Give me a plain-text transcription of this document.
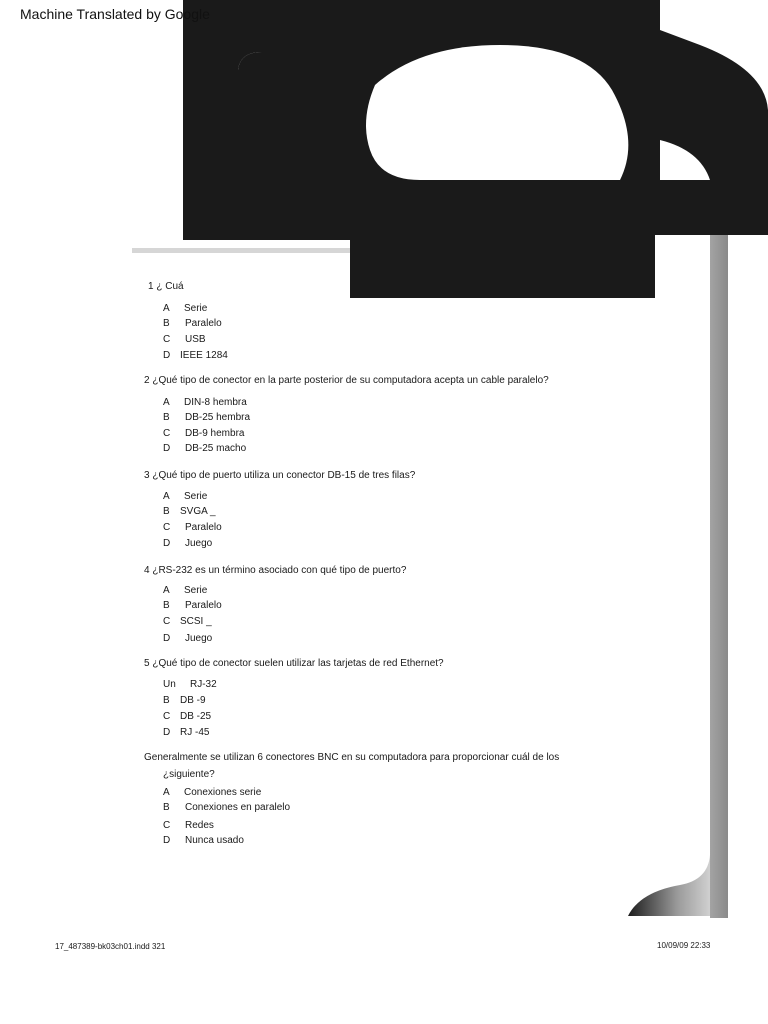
Machine Translated by Google
1 ¿ Cuá
A Serie
B Paralelo
C USB
D IEEE 1284
2 ¿Qué tipo de conector en la parte posterior de su computadora acepta un cable paralelo?
A DIN-8 hembra
B DB-25 hembra
C DB-9 hembra
D DB-25 macho
3 ¿Qué tipo de puerto utiliza un conector DB-15 de tres filas?
A Serie
B SVGA _
C Paralelo
D Juego
4 ¿RS-232 es un término asociado con qué tipo de puerto?
A Serie
B Paralelo
C SCSI _
D Juego
5 ¿Qué tipo de conector suelen utilizar las tarjetas de red Ethernet?
Un RJ-32
B DB -9
C DB -25
D RJ -45
Generalmente se utilizan 6 conectores BNC en su computadora para proporcionar cuál de los
¿siguiente?
A Conexiones serie
B Conexiones en paralelo
C Redes
D Nunca usado
17_487389-bk03ch01.indd 321	10/09/09 22:33
